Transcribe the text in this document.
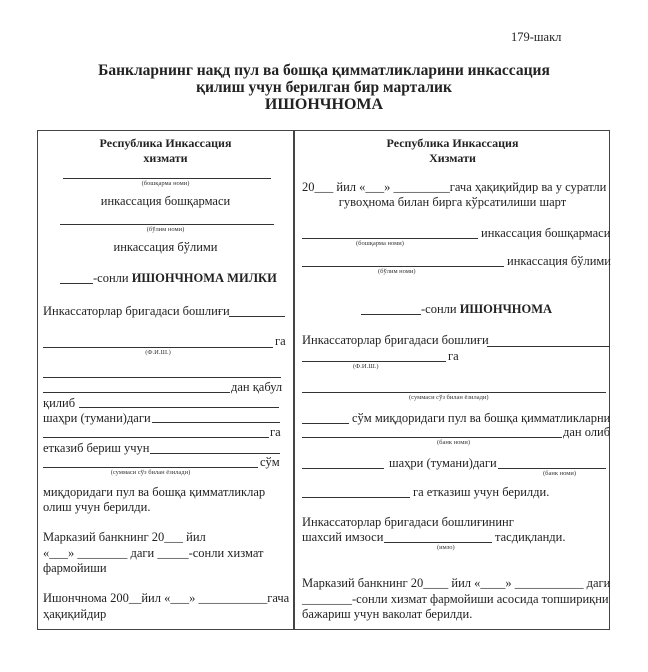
179-шакл
Банкларнинг нақд пул ва бошқа қимматликларини инкассация
қилиш учун берилган бир марталик
ИШОНЧНОМА
Республика Инкассация
хизмати
(бошқарма номи)
инкассация бошқармаси
(бўлим номи)
инкассация бўлими
-сонли ИШОНЧНОМА МИЛКИ
Инкассаторлар бригадаси бошлиғи
га
(Ф.И.Ш.)
дан қабул
қилиб
шаҳри (тумани)даги
га
етказиб бериш учун
сўм
(суммаси сўз билан ёзилади)
миқдоридаги пул ва бошқа қимматликлар
олиш учун берилди.
Марказий банкнинг 20___ йил
«___» ________ даги _____-сонли хизмат
фармойиши
Ишончнома 200__йил «___» ___________гача
ҳақиқийдир
Республика Инкассация
Хизмати
20___ йил «___» _________гача ҳақиқийдир ва у суратли
гувоҳнома билан бирга кўрсатилиши шарт
инкассация бошқармаси
(бошқарма номи)
инкассация бўлими
(бўлим номи)
-сонли ИШОНЧНОМА
Инкассаторлар бригадаси бошлиғи
га
(Ф.И.Ш.)
(суммаси сўз билан ёзилади)
сўм миқдоридаги пул ва бошқа қимматликларни
дан олиб
(банк номи)
шаҳри (тумани)даги
(банк номи)
га етказиш учун берилди.
Инкассаторлар бригадаси бошлиғининг
шахсий имзоси	тасдиқланди.
(имзо)
Марказий банкнинг 20____ йил «____» ___________ даги
________-сонли хизмат фармойиши асосида топшириқни
бажариш учун ваколат берилди.
